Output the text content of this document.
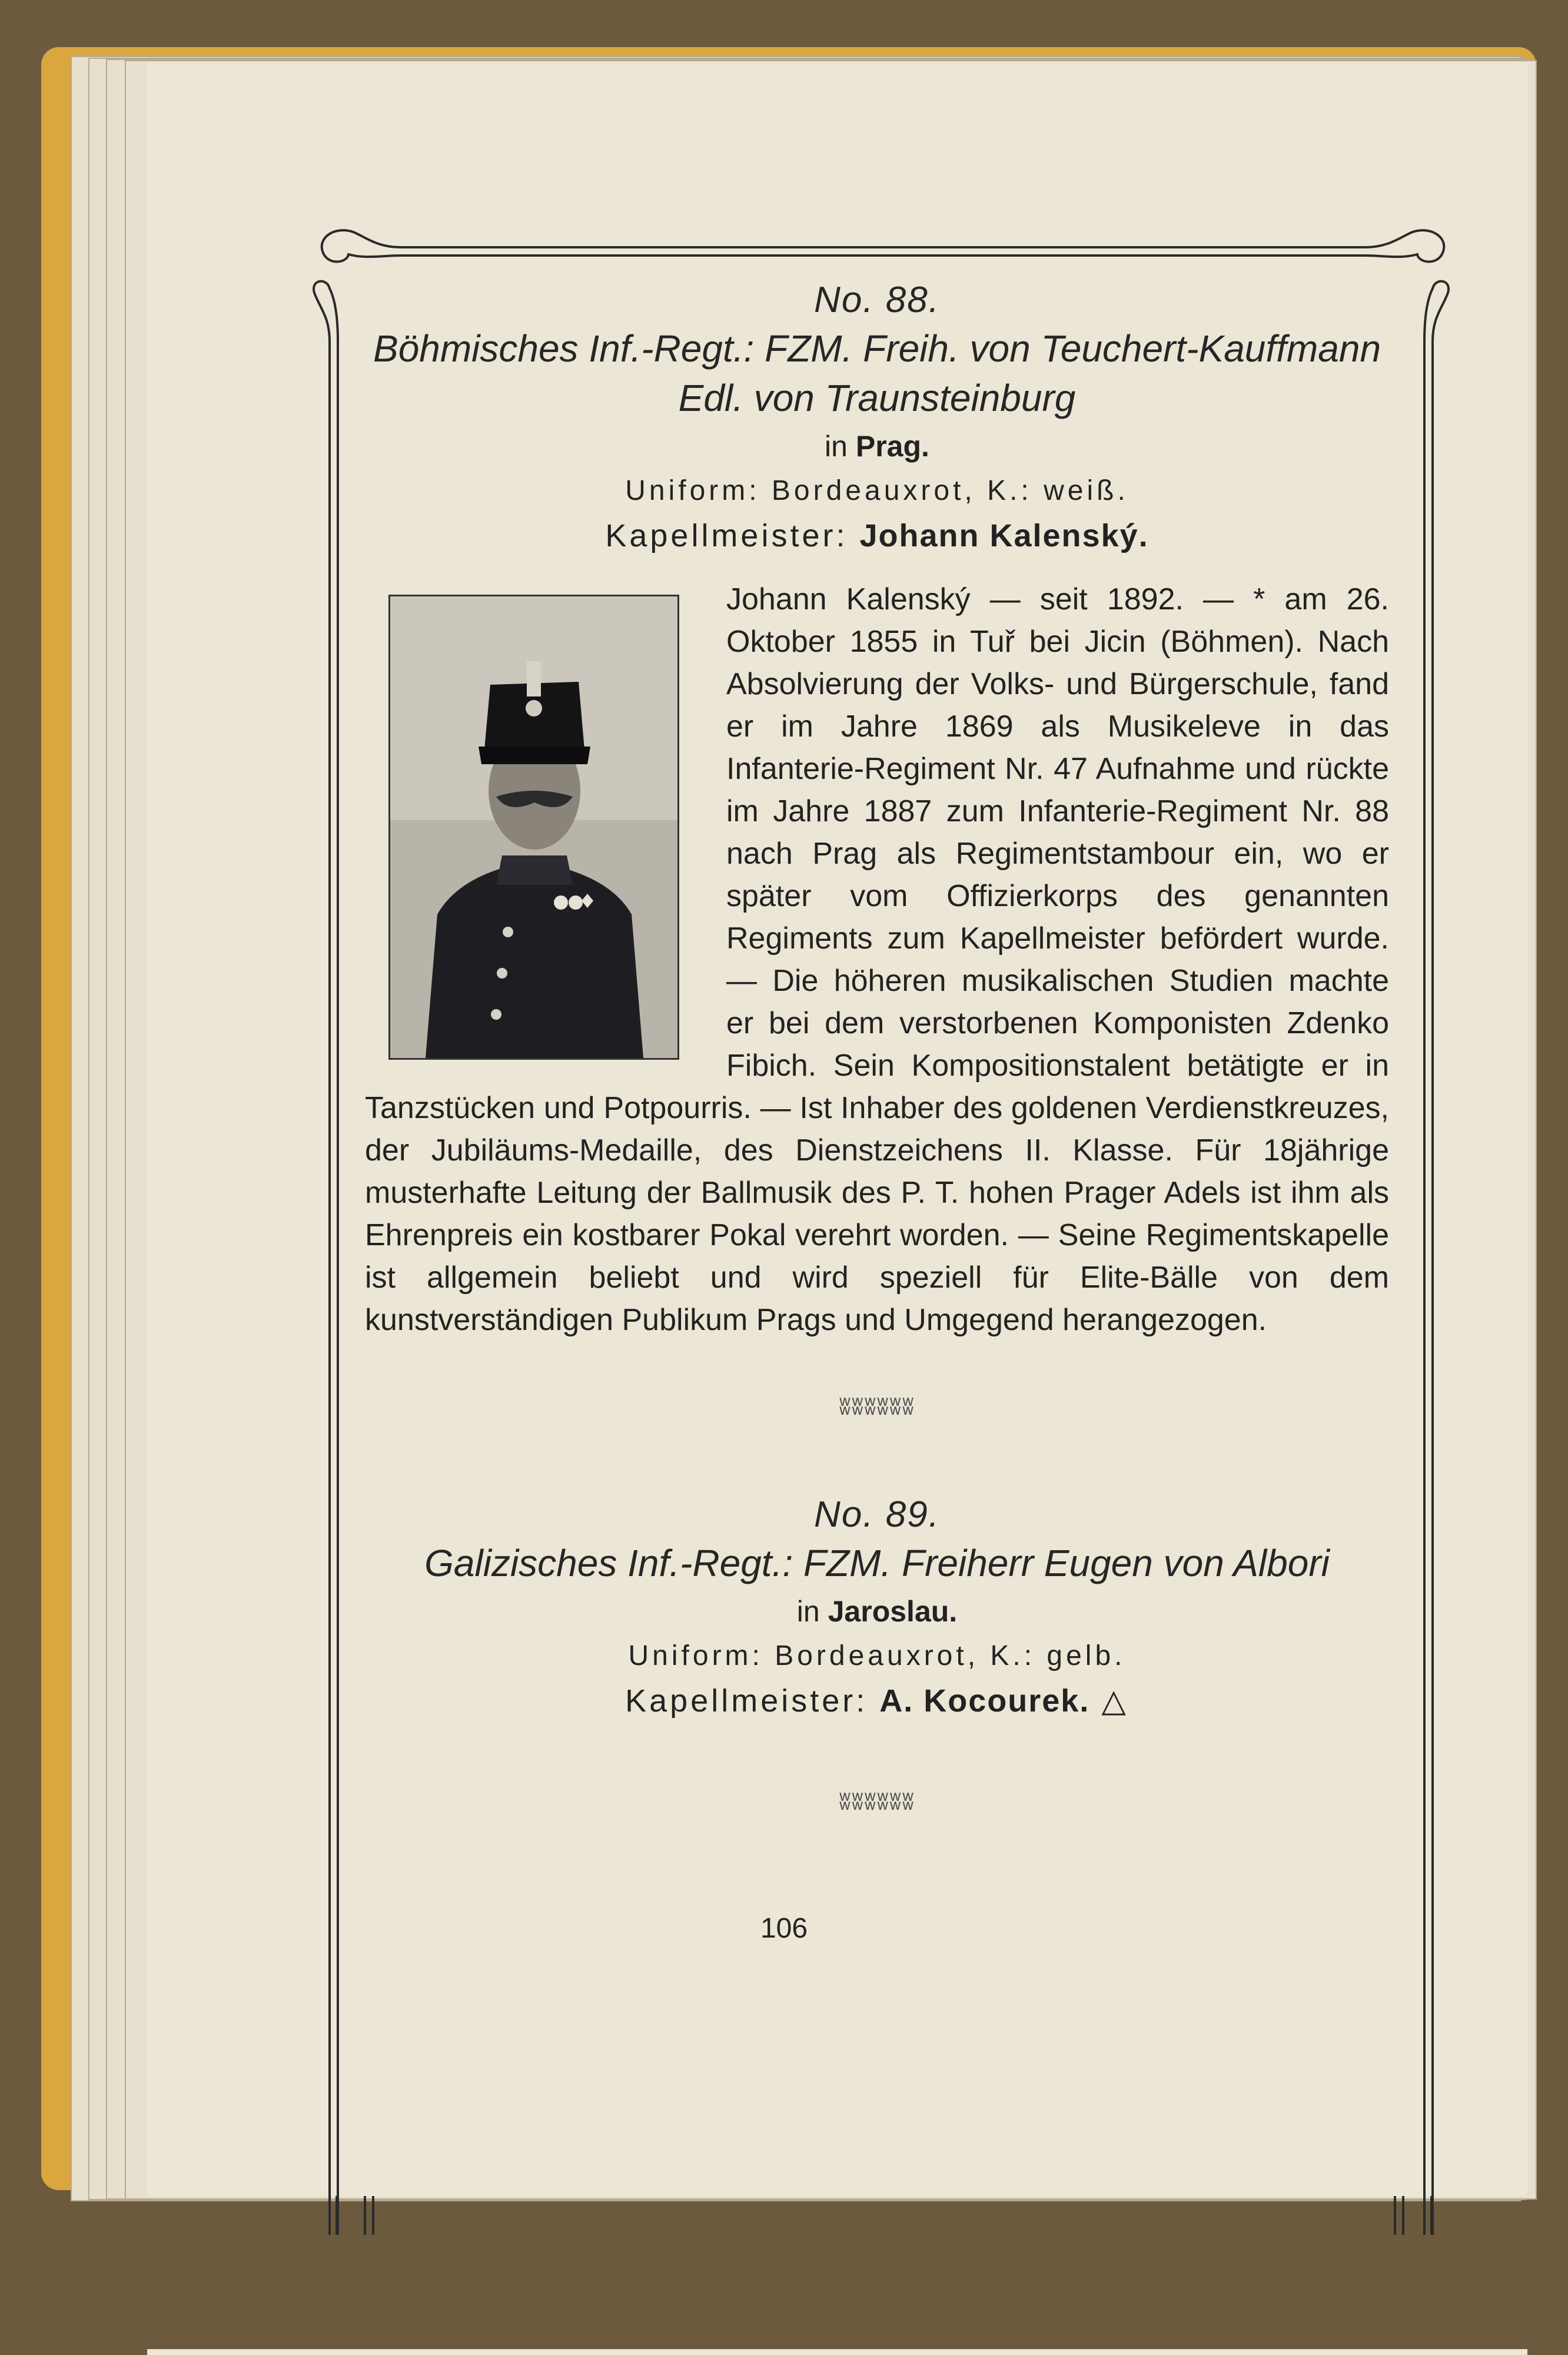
No. 88.
Böhmisches Inf.-Regt.: FZM. Freih. von Teuchert-Kauffmann
Edl. von Traunsteinburg
in Prag.
Uniform: Bordeauxrot, K.: weiß.
Kapellmeister: Johann Kalenský.
Johann Kalenský — seit 1892. — * am 26. Oktober 1855 in Tuř bei Jicin (Böhmen). Nach Absolvierung der Volks- und Bürgerschule, fand er im Jahre 1869 als Musikeleve in das Infanterie-Regiment Nr. 47 Aufnahme und rückte im Jahre 1887 zum Infanterie-Regiment Nr. 88 nach Prag als Regimentstambour ein, wo er später vom Offizierkorps des genannten Regiments zum Kapellmeister befördert wurde. — Die höheren musikalischen Studien machte er bei dem verstorbenen Komponisten Zdenko Fibich. Sein Kompositionstalent betätigte er in Tanzstücken und Potpourris. — Ist Inhaber des goldenen Verdienstkreuzes, der Jubiläums-Medaille, des Dienstzeichens II. Klasse. Für 18jährige musterhafte Leitung der Ballmusik des P. T. hohen Prager Adels ist ihm als Ehrenpreis ein kostbarer Pokal verehrt worden. — Seine Regimentskapelle ist allgemein beliebt und wird speziell für Elite-Bälle von dem kunstverständigen Publikum Prags und Umgegend herangezogen.
ʬʬʬʬʬʬ
No. 89.
Galizisches Inf.-Regt.: FZM. Freiherr Eugen von Albori
in Jaroslau.
Uniform: Bordeauxrot, K.: gelb.
Kapellmeister: A. Kocourek. △
ʬʬʬʬʬʬ
106
